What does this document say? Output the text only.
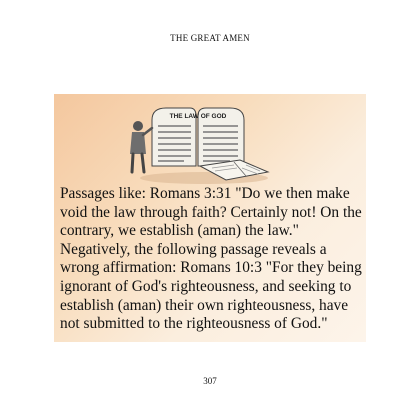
THE GREAT AMEN
THE LAW OF GOD
Passages like: Romans 3:31 "Do we then make void the law through faith? Certainly not! On the contrary, we establish (aman) the law." Negatively, the following passage reveals a wrong affirmation: Romans 10:3 "For they being ignorant of God's righteousness, and seeking to establish (aman) their own righteousness, have not submitted to the righteousness of God."
307
